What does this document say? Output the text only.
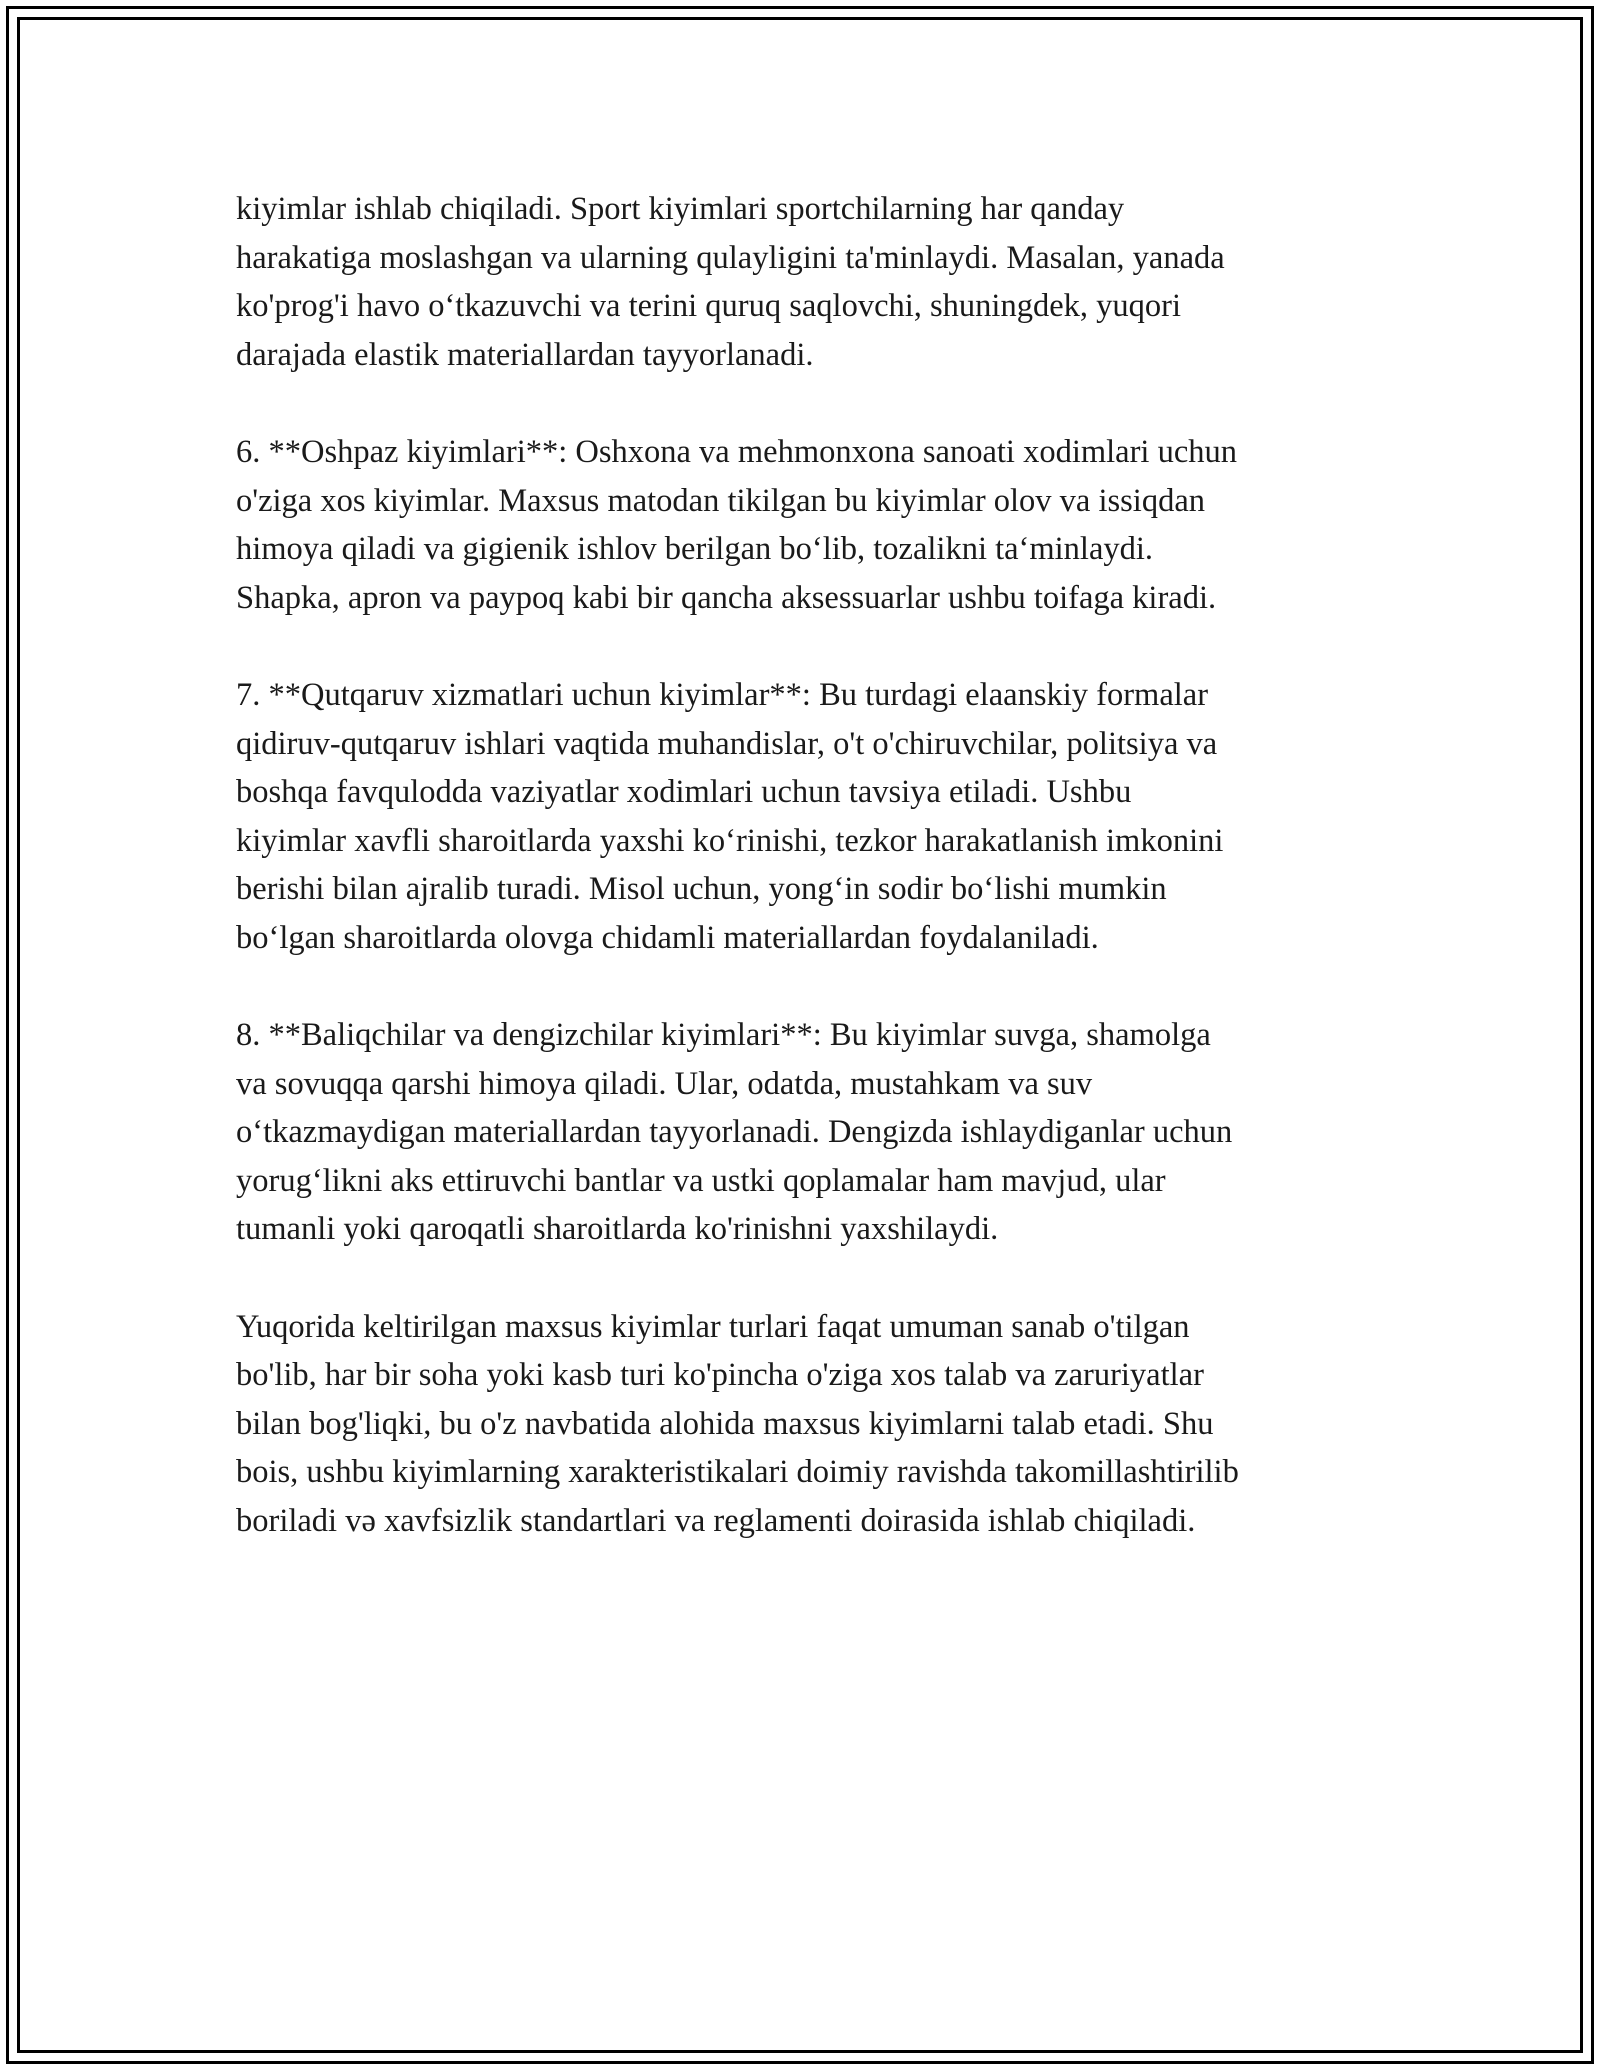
kiyimlar ishlab chiqiladi. Sport kiyimlari sportchilarning har qanday
harakatiga moslashgan va ularning qulayligini ta'minlaydi. Masalan, yanada
ko'prog'i havo o‘tkazuvchi va terini quruq saqlovchi, shuningdek, yuqori
darajada elastik materiallardan tayyorlanadi.

6. **Oshpaz kiyimlari**: Oshxona va mehmonxona sanoati xodimlari uchun
o'ziga xos kiyimlar. Maxsus matodan tikilgan bu kiyimlar olov va issiqdan
himoya qiladi va gigienik ishlov berilgan bo‘lib, tozalikni ta‘minlaydi.
Shapka, apron va paypoq kabi bir qancha aksessuarlar ushbu toifaga kiradi.

7. **Qutqaruv xizmatlari uchun kiyimlar**: Bu turdagi elaanskiy formalar
qidiruv-qutqaruv ishlari vaqtida muhandislar, o't o'chiruvchilar, politsiya va
boshqa favqulodda vaziyatlar xodimlari uchun tavsiya etiladi. Ushbu
kiyimlar xavfli sharoitlarda yaxshi ko‘rinishi, tezkor harakatlanish imkonini
berishi bilan ajralib turadi. Misol uchun, yong‘in sodir bo‘lishi mumkin
bo‘lgan sharoitlarda olovga chidamli materiallardan foydalaniladi.

8. **Baliqchilar va dengizchilar kiyimlari**: Bu kiyimlar suvga, shamolga
va sovuqqa qarshi himoya qiladi. Ular, odatda, mustahkam va suv
o‘tkazmaydigan materiallardan tayyorlanadi. Dengizda ishlaydiganlar uchun
yorug‘likni aks ettiruvchi bantlar va ustki qoplamalar ham mavjud, ular
tumanli yoki qaroqatli sharoitlarda ko'rinishni yaxshilaydi.

Yuqorida keltirilgan maxsus kiyimlar turlari faqat umuman sanab o'tilgan
bo'lib, har bir soha yoki kasb turi ko'pincha o'ziga xos talab va zaruriyatlar
bilan bog'liqki, bu o'z navbatida alohida maxsus kiyimlarni talab etadi. Shu
bois, ushbu kiyimlarning xarakteristikalari doimiy ravishda takomillashtirilib
boriladi və xavfsizlik standartlari va reglamenti doirasida ishlab chiqiladi.
